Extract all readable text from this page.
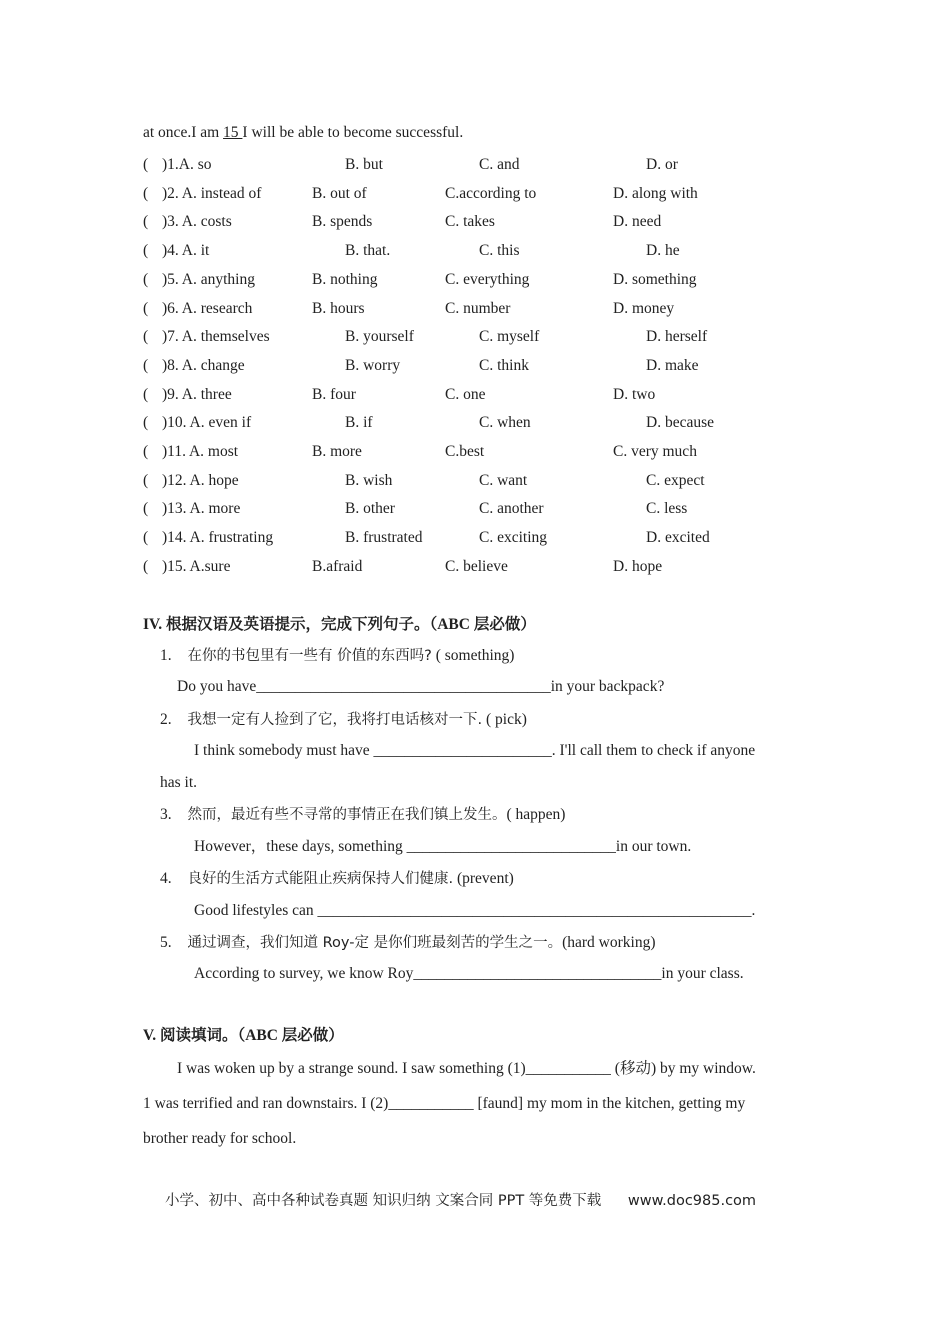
at once.I am 15 I will be able to become successful.
( )1.A. so	B. but	C. and	D. or
( )2. A. instead of	B. out of	C.according to	D. along with
( )3. A. costs	B. spends	C. takes	D. need
( )4. A. it	B. that.	C. this	D. he
( )5. A. anything	B. nothing	C. everything	D. something
( )6. A. research	B. hours	C. number	D. money
( )7. A. themselves	B. yourself	C. myself	D. herself
( )8. A. change	B. worry	C. think	D. make
( )9. A. three	B. four	C. one	D. two
( )10. A. even if	B. if	C. when	D. because
( )11. A. most	B. more	C.best	C. very much
( )12. A. hope	B. wish	C. want	C. expect
( )13. A. more	B. other	C. another	C. less
( )14. A. frustrating	B. frustrated	C. exciting	D. excited
( )15. A.sure	B.afraid	C. believe	D. hope
IV. 根据汉语及英语提示，完成下列句子。（ABC 层必做）
1. 在你的书包里有一些有 价值的东西吗? ( something)
Do you have______________________________________in your backpack?
2. 我想一定有人捡到了它，我将打电话核对一下. ( pick)
I think somebody must have _______________________. I'll call them to check if anyone
has it.
3. 然而，最近有些不寻常的事情正在我们镇上发生。( happen)
However，these days, something ___________________________in our town.
4. 良好的生活方式能阻止疾病保持人们健康. (prevent)
Good lifestyles can ________________________________________________________.
5. 通过调查，我们知道 Roy-定 是你们班最刻苦的学生之一。(hard working)
According to survey, we know Roy________________________________in your class.
V. 阅读填词。（ABC 层必做）
I was woken up by a strange sound. I saw something (1)___________ (移动) by my window.
1 was terrified and ran downstairs. I (2)___________ [faund] my mom in the kitchen, getting my
brother ready for school.
小学、初中、高中各种试卷真题 知识归纳 文案合同 PPT 等免费下载 www.doc985.com
